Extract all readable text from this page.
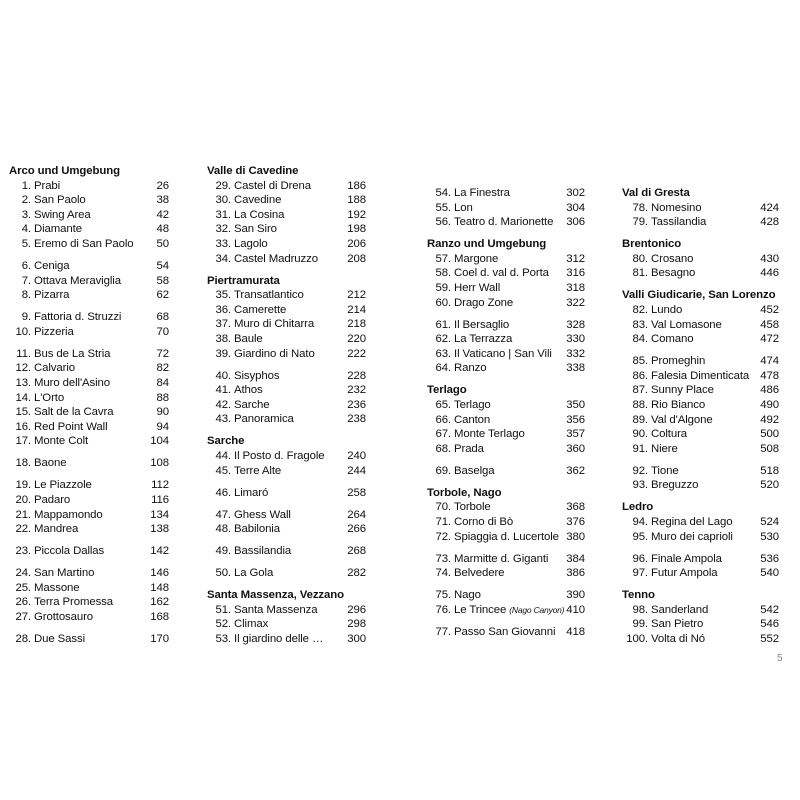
Arco und Umgebung
1. Prabi	26
2. San Paolo	38
3. Swing Area	42
4. Diamante	48
5. Eremo di San Paolo	50
6. Ceniga	54
7. Ottava Meraviglia	58
8. Pizarra	62
9. Fattoria d. Struzzi	68
10. Pizzeria	70
11. Bus de La Stria	72
12. Calvario	82
13. Muro dell'Asino	84
14. L'Orto	88
15. Salt de la Cavra	90
16. Red Point Wall	94
17. Monte Colt	104
18. Baone	108
19. Le Piazzole	112
20. Padaro	116
21. Mappamondo	134
22. Mandrea	138
23. Piccola Dallas	142
24. San Martino	146
25. Massone	148
26. Terra Promessa	162
27. Grottosauro	168
28. Due Sassi	170
Valle di Cavedine
29. Castel di Drena	186
30. Cavedine	188
31. La Cosina	192
32. San Siro	198
33. Lagolo	206
34. Castel Madruzzo	208
Piertramurata
35. Transatlantico	212
36. Camerette	214
37. Muro di Chitarra	218
38. Baule	220
39. Giardino di Nato	222
40. Sisyphos	228
41. Athos	232
42. Sarche	236
43. Panoramica	238
Sarche
44. Il Posto d. Fragole	240
45. Terre Alte	244
46. Limaró	258
47. Ghess Wall	264
48. Babilonia	266
49. Bassilandia	268
50. La Gola	282
Santa Massenza, Vezzano
51. Santa Massenza	296
52. Climax	298
53. Il giardino delle …	300
54. La Finestra	302
55. Lon	304
56. Teatro d. Marionette 306
Ranzo und Umgebung
57. Margone	312
58. Coel d. val d. Porta	316
59. Herr Wall	318
60. Drago Zone	322
61. Il Bersaglio	328
62. La Terrazza	330
63. Il Vaticano | San Vili 332
64. Ranzo	338
Terlago
65. Terlago	350
66. Canton	356
67. Monte Terlago	357
68. Prada	360
69. Baselga	362
Torbole, Nago
70. Torbole	368
71. Corno di Bò	376
72. Spiaggia d. Lucertole 380
73. Marmitte d. Giganti	384
74. Belvedere	386
75. Nago	390
76. Le Trincee (Nago Canyon) 410
77. Passo San Giovanni 418
Val di Gresta
78. Nomesino	424
79. Tassilandia	428
Brentonico
80. Crosano	430
81. Besagno	446
Valli Giudicarie, San Lorenzo
82. Lundo	452
83. Val Lomasone	458
84. Comano	472
85. Promeghin	474
86. Falesia Dimenticata 478
87. Sunny Place	486
88. Rio Bianco	490
89. Val d'Algone	492
90. Coltura	500
91. Niere	508
92. Tione	518
93. Breguzzo	520
Ledro
94. Regina del Lago	524
95. Muro dei caprioli	530
96. Finale Ampola	536
97. Futur Ampola	540
Tenno
98. Sanderland	542
99. San Pietro	546
100. Volta di Nó	552
5
